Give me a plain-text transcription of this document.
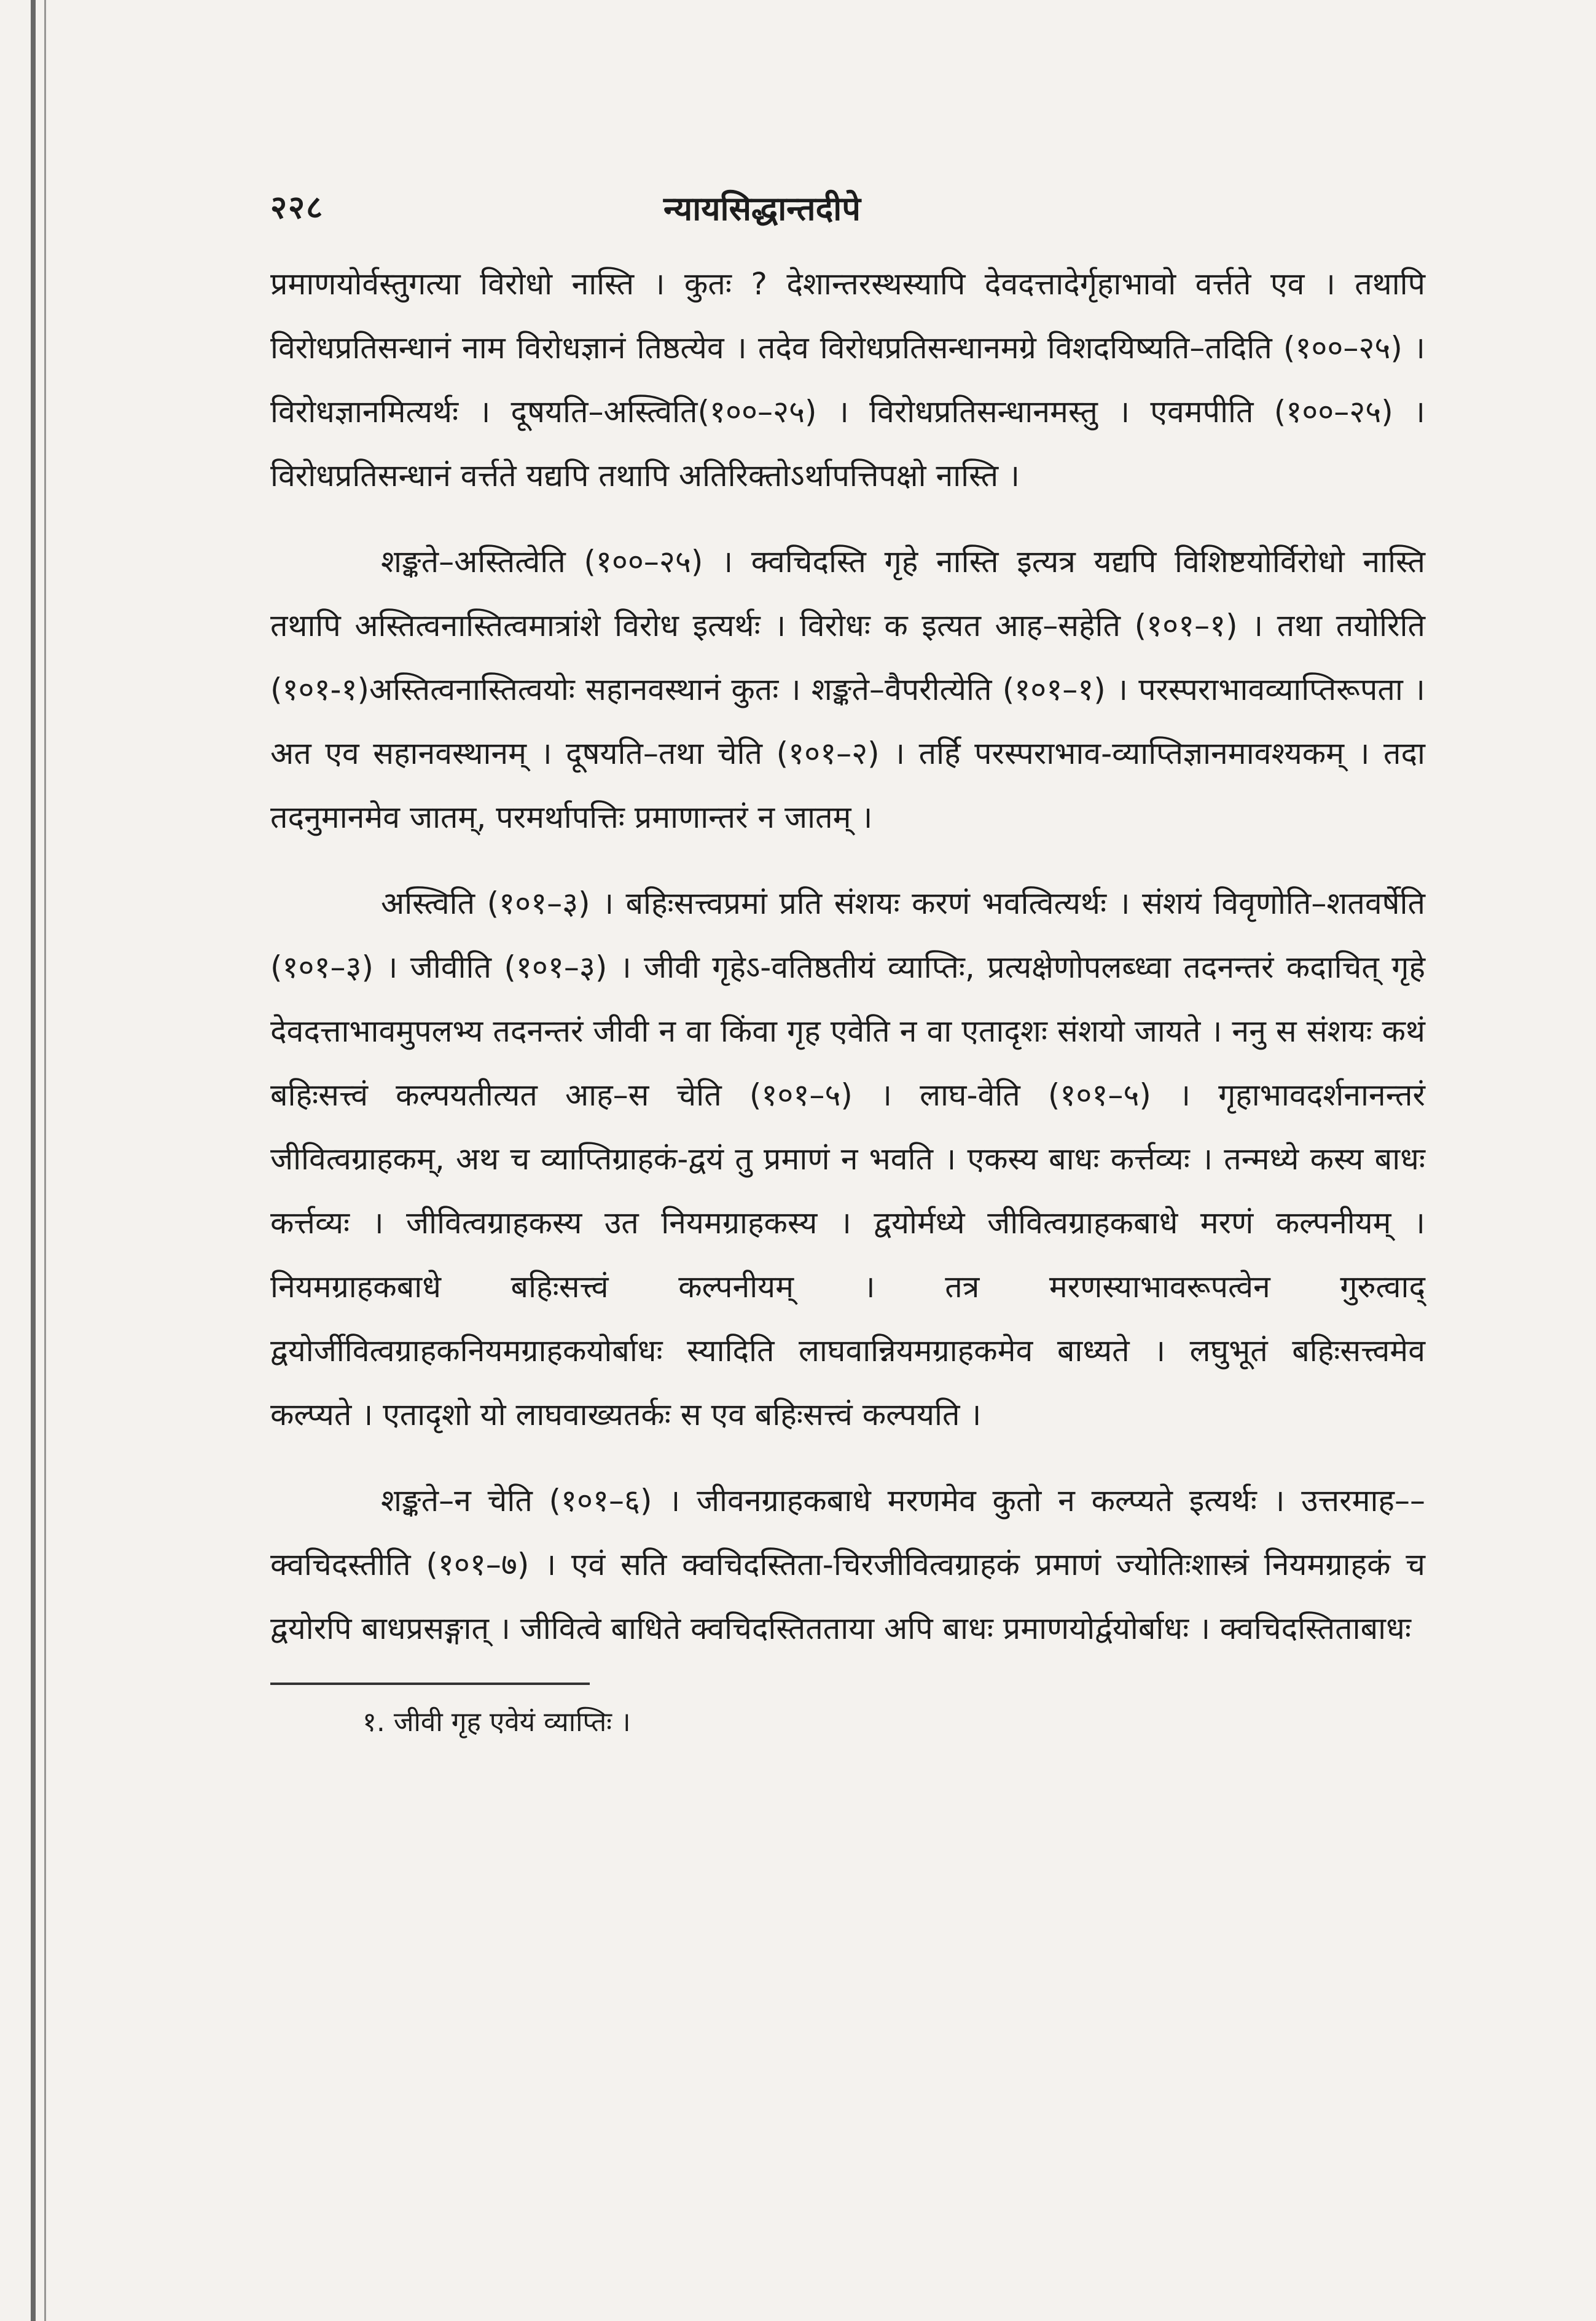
२२८	न्यायसिद्धान्तदीपे

प्रमाणयोर्वस्तुगत्या विरोधो नास्ति । कुतः ? देशान्तरस्थस्यापि देवदत्तादेर्गृहाभावो वर्त्तते एव । तथापि विरोधप्रतिसन्धानं नाम विरोधज्ञानं तिष्ठत्येव । तदेव विरोधप्रतिसन्धानमग्रे विशदयिष्यति–तदिति (१००–२५) । विरोधज्ञानमित्यर्थः । दूषयति–अस्त्विति(१००–२५) । विरोधप्रतिसन्धानमस्तु । एवमपीति (१००–२५) । विरोधप्रतिसन्धानं वर्त्तते यद्यपि तथापि अतिरिक्तोऽर्थापत्तिपक्षो नास्ति ।

शङ्कते–अस्तित्वेति (१००–२५) । क्वचिदस्ति गृहे नास्ति इत्यत्र यद्यपि विशिष्टयोर्विरोधो नास्ति तथापि अस्तित्वनास्तित्वमात्रांशे विरोध इत्यर्थः । विरोधः क इत्यत आह–सहेति (१०१–१) । तथा तयोरिति (१०१-१)अस्तित्वनास्तित्वयोः सहानवस्थानं कुतः । शङ्कते–वैपरीत्येति (१०१–१) । परस्पराभावव्याप्तिरूपता । अत एव सहानवस्थानम् । दूषयति–तथा चेति (१०१–२) । तर्हि परस्पराभाव-व्याप्तिज्ञानमावश्यकम् । तदा तदनुमानमेव जातम्, परमर्थापत्तिः प्रमाणान्तरं न जातम् ।

अस्त्विति (१०१–३) । बहिःसत्त्वप्रमां प्रति संशयः करणं भवत्वित्यर्थः । संशयं विवृणोति–शतवर्षेति (१०१–३) । जीवीति (१०१–३) । जीवी गृहेऽ-वतिष्ठतीयं व्याप्तिः, प्रत्यक्षेणोपलब्ध्वा तदनन्तरं कदाचित् गृहे देवदत्ताभावमुपलभ्य तदनन्तरं जीवी न वा किंवा गृह एवेति न वा एतादृशः संशयो जायते । ननु स संशयः कथं बहिःसत्त्वं कल्पयतीत्यत आह–स चेति (१०१–५) । लाघ-वेति (१०१–५) । गृहाभावदर्शनानन्तरं जीवित्वग्राहकम्, अथ च व्याप्तिग्राहकं-द्वयं तु प्रमाणं न भवति । एकस्य बाधः कर्त्तव्यः । तन्मध्ये कस्य बाधः कर्त्तव्यः । जीवित्वग्राहकस्य उत नियमग्राहकस्य । द्वयोर्मध्ये जीवित्वग्राहकबाधे मरणं कल्पनीयम् । नियमग्राहकबाधे बहिःसत्त्वं कल्पनीयम् । तत्र मरणस्याभावरूपत्वेन गुरुत्वाद् द्वयोर्जीवित्वग्राहकनियमग्राहकयोर्बाधः स्यादिति लाघवान्नियमग्राहकमेव बाध्यते । लघुभूतं बहिःसत्त्वमेव कल्प्यते । एतादृशो यो लाघवाख्यतर्कः स एव बहिःसत्त्वं कल्पयति ।

शङ्कते–न चेति (१०१–६) । जीवनग्राहकबाधे मरणमेव कुतो न कल्प्यते इत्यर्थः । उत्तरमाह––क्वचिदस्तीति (१०१–७) । एवं सति क्वचिदस्तिता-चिरजीवित्वग्राहकं प्रमाणं ज्योतिःशास्त्रं नियमग्राहकं च द्वयोरपि बाधप्रसङ्गात् । जीवित्वे बाधिते क्वचिदस्तितताया अपि बाधः प्रमाणयोर्द्वयोर्बाधः । क्वचिदस्तिताबाधः

१. जीवी गृह एवेयं व्याप्तिः ।
